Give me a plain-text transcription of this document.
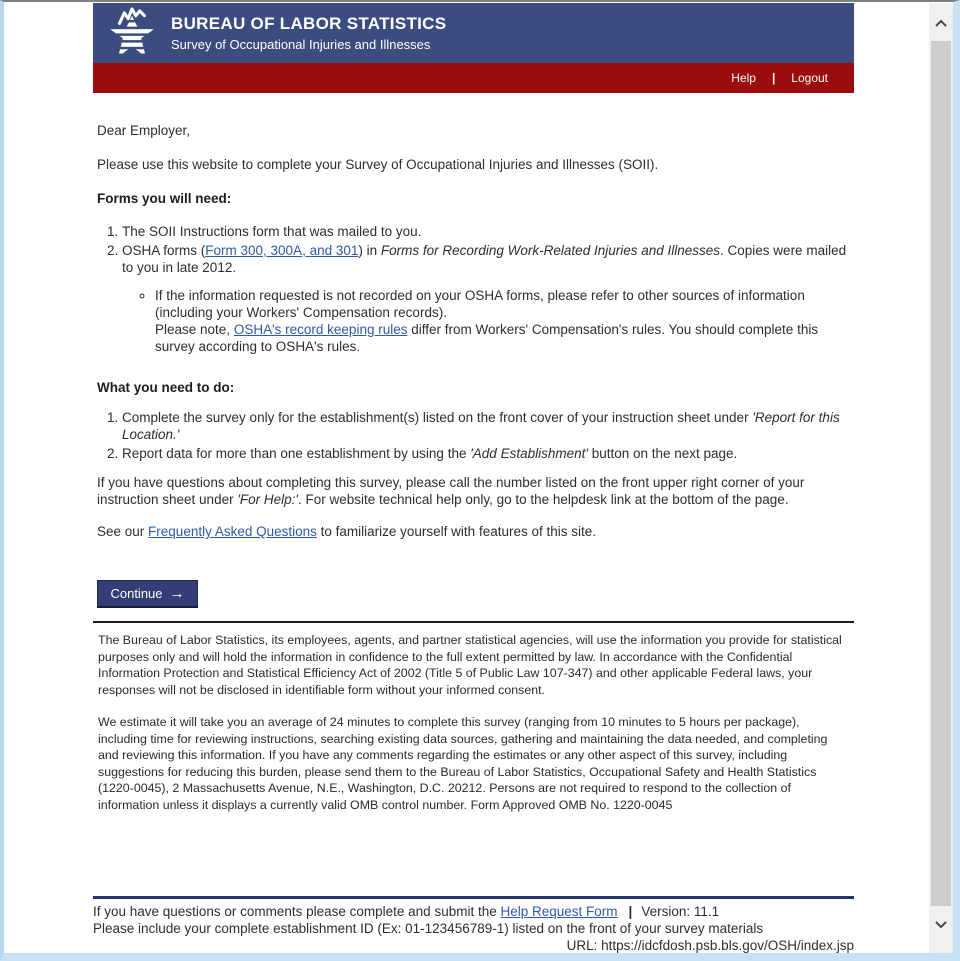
BUREAU OF LABOR STATISTICS
Survey of Occupational Injuries and Illnesses
Help | Logout

Dear Employer,

Please use this website to complete your Survey of Occupational Injuries and Illnesses (SOII).

Forms you will need:
1. The SOII Instructions form that was mailed to you.
2. OSHA forms (Form 300, 300A, and 301) in Forms for Recording Work-Related Injuries and Illnesses. Copies were mailed to you in late 2012.
◦ If the information requested is not recorded on your OSHA forms, please refer to other sources of information (including your Workers' Compensation records).
Please note, OSHA's record keeping rules differ from Workers' Compensation's rules. You should complete this survey according to OSHA's rules.
What you need to do:
1. Complete the survey only for the establishment(s) listed on the front cover of your instruction sheet under 'Report for this Location.'
2. Report data for more than one establishment by using the 'Add Establishment' button on the next page.

If you have questions about completing this survey, please call the number listed on the front upper right corner of your instruction sheet under 'For Help:'. For website technical help only, go to the helpdesk link at the bottom of the page.

See our Frequently Asked Questions to familiarize yourself with features of this site.

Continue →

The Bureau of Labor Statistics, its employees, agents, and partner statistical agencies, will use the information you provide for statistical purposes only and will hold the information in confidence to the full extent permitted by law. In accordance with the Confidential Information Protection and Statistical Efficiency Act of 2002 (Title 5 of Public Law 107-347) and other applicable Federal laws, your responses will not be disclosed in identifiable form without your informed consent.

We estimate it will take you an average of 24 minutes to complete this survey (ranging from 10 minutes to 5 hours per package), including time for reviewing instructions, searching existing data sources, gathering and maintaining the data needed, and completing and reviewing this information. If you have any comments regarding the estimates or any other aspect of this survey, including suggestions for reducing this burden, please send them to the Bureau of Labor Statistics, Occupational Safety and Health Statistics (1220-0045), 2 Massachusetts Avenue, N.E., Washington, D.C. 20212. Persons are not required to respond to the collection of information unless it displays a currently valid OMB control number. Form Approved OMB No. 1220-0045

If you have questions or comments please complete and submit the Help Request Form | Version: 11.1
Please include your complete establishment ID (Ex: 01-123456789-1) listed on the front of your survey materials
URL: https://idcfdosh.psb.bls.gov/OSH/index.jsp
